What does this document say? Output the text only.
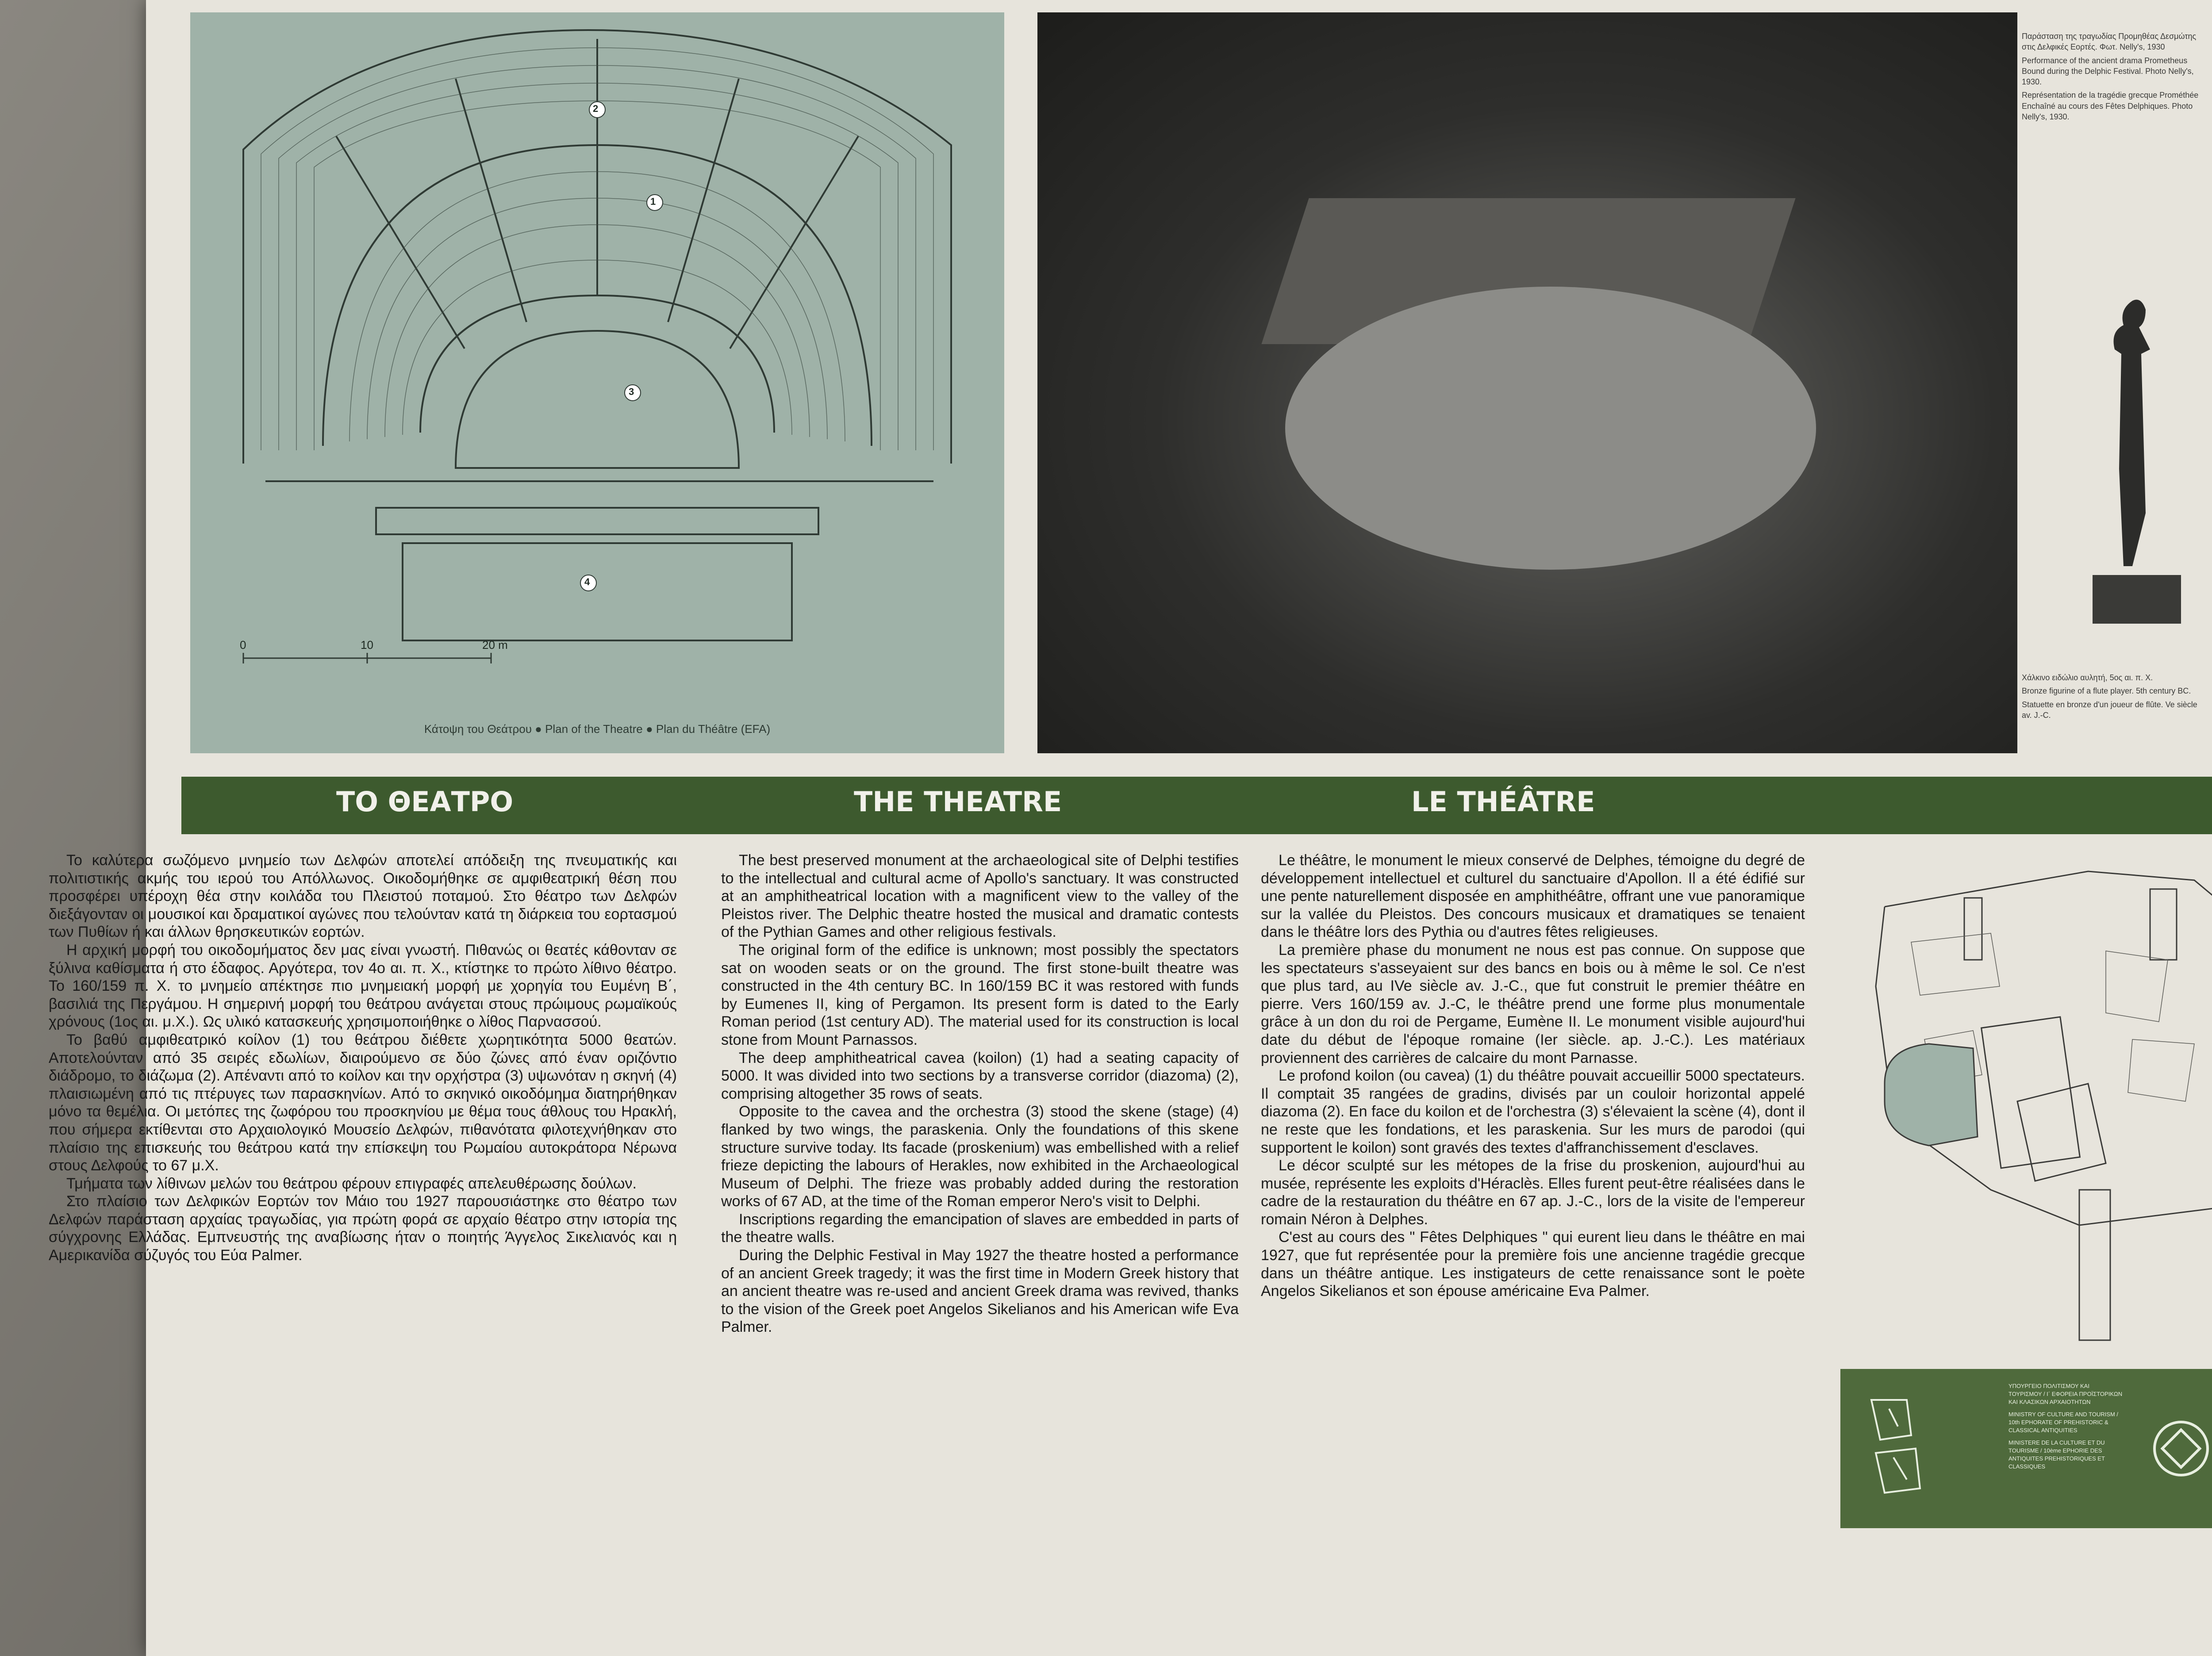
2
1
3
4
0	10	20 m
Κάτοψη του Θεάτρου ● Plan of the Theatre ● Plan du Théâtre (EFA)

Παράσταση της τραγωδίας Προμηθέας Δεσμώτης στις Δελφικές Εορτές. Φωτ. Nelly's, 1930

Performance of the ancient drama Prometheus Bound during the Delphic Festival. Photo Nelly's, 1930.

Représentation de la tragédie grecque Prométhée Enchaîné au cours des Fêtes Delphiques. Photo Nelly's, 1930.

Χάλκινο ειδώλιο αυλητή, 5ος αι. π. Χ.

Bronze figurine of a flute player. 5th century BC.

Statuette en bronze d'un joueur de flûte. Ve siècle av. J.-C.

ΤΟ ΘΕΑΤΡΟ	THE THEATRE	LE THÉÂTRE

Το καλύτερα σωζόμενο μνημείο των Δελφών αποτελεί απόδειξη της πνευματικής και πολιτιστικής ακμής του ιερού του Απόλλωνος. Οικοδομήθηκε σε αμφιθεατρική θέση που προσφέρει υπέροχη θέα στην κοιλάδα του Πλειστού ποταμού. Στο θέατρο των Δελφών διεξάγονταν οι μουσικοί και δραματικοί αγώνες που τελούνταν κατά τη διάρκεια του εορτασμού των Πυθίων ή και άλλων θρησκευτικών εορτών.

Η αρχική μορφή του οικοδομήματος δεν μας είναι γνωστή. Πιθανώς οι θεατές κάθονταν σε ξύλινα καθίσματα ή στο έδαφος. Αργότερα, τον 4ο αι. π. Χ., κτίστηκε το πρώτο λίθινο θέατρο. Το 160/159 π. Χ. το μνημείο απέκτησε πιο μνημειακή μορφή με χορηγία του Ευμένη Β΄, βασιλιά της Περγάμου. Η σημερινή μορφή του θεάτρου ανάγεται στους πρώιμους ρωμαϊκούς χρόνους (1ος αι. μ.Χ.). Ως υλικό κατασκευής χρησιμοποιήθηκε ο λίθος Παρνασσού.

Το βαθύ αμφιθεατρικό κοίλον (1) του θεάτρου διέθετε χωρητικότητα 5000 θεατών. Αποτελούνταν από 35 σειρές εδωλίων, διαιρούμενο σε δύο ζώνες από έναν οριζόντιο διάδρομο, το διάζωμα (2). Απέναντι από το κοίλον και την ορχήστρα (3) υψωνόταν η σκηνή (4) πλαισιωμένη από τις πτέρυγες των παρασκηνίων. Από το σκηνικό οικοδόμημα διατηρήθηκαν μόνο τα θεμέλια. Οι μετόπες της ζωφόρου του προσκηνίου με θέμα τους άθλους του Ηρακλή, που σήμερα εκτίθενται στο Αρχαιολογικό Μουσείο Δελφών, πιθανότατα φιλοτεχνήθηκαν στο πλαίσιο της επισκευής του θεάτρου κατά την επίσκεψη του Ρωμαίου αυτοκράτορα Νέρωνα στους Δελφούς το 67 μ.Χ.

Τμήματα των λίθινων μελών του θεάτρου φέρουν επιγραφές απελευθέρωσης δούλων.

Στο πλαίσιο των Δελφικών Εορτών τον Μάιο του 1927 παρουσιάστηκε στο θέατρο των Δελφών παράσταση αρχαίας τραγωδίας, για πρώτη φορά σε αρχαίο θέατρο στην ιστορία της σύγχρονης Ελλάδας. Εμπνευστής της αναβίωσης ήταν ο ποιητής Άγγελος Σικελιανός και η Αμερικανίδα σύζυγός του Εύα Palmer.

The best preserved monument at the archaeological site of Delphi testifies to the intellectual and cultural acme of Apollo's sanctuary. It was constructed at an amphitheatrical location with a magnificent view to the valley of the Pleistos river. The Delphic theatre hosted the musical and dramatic contests of the Pythian Games and other religious festivals.

The original form of the edifice is unknown; most possibly the spectators sat on wooden seats or on the ground. The first stone-built theatre was constructed in the 4th century BC. In 160/159 BC it was restored with funds by Eumenes II, king of Pergamon. Its present form is dated to the Early Roman period (1st century AD). The material used for its construction is local stone from Mount Parnassos.

The deep amphitheatrical cavea (koilon) (1) had a seating capacity of 5000. It was divided into two sections by a transverse corridor (diazoma) (2), comprising altogether 35 rows of seats.

Opposite to the cavea and the orchestra (3) stood the skene (stage) (4) flanked by two wings, the paraskenia. Only the foundations of this skene structure survive today. Its facade (proskenium) was embellished with a relief frieze depicting the labours of Herakles, now exhibited in the Archaeological Museum of Delphi. The frieze was probably added during the restoration works of 67 AD, at the time of the Roman emperor Nero's visit to Delphi.

Inscriptions regarding the emancipation of slaves are embedded in parts of the theatre walls.

During the Delphic Festival in May 1927 the theatre hosted a performance of an ancient Greek tragedy; it was the first time in Modern Greek history that an ancient theatre was re-used and ancient Greek drama was revived, thanks to the vision of the Greek poet Angelos Sikelianos and his American wife Eva Palmer.

Le théâtre, le monument le mieux conservé de Delphes, témoigne du degré de développement intellectuel et culturel du sanctuaire d'Apollon. Il a été édifié sur une pente naturellement disposée en amphithéâtre, offrant une vue panoramique sur la vallée du Pleistos. Des concours musicaux et dramatiques se tenaient dans le théâtre lors des Pythia ou d'autres fêtes religieuses.

La première phase du monument ne nous est pas connue. On suppose que les spectateurs s'asseyaient sur des bancs en bois ou à même le sol. Ce n'est que plus tard, au IVe siècle av. J.-C., que fut construit le premier théâtre en pierre. Vers 160/159 av. J.-C, le théâtre prend une forme plus monumentale grâce à un don du roi de Pergame, Eumène II. Le monument visible aujourd'hui date du début de l'époque romaine (Ier siècle. ap. J.-C.). Les matériaux proviennent des carrières de calcaire du mont Parnasse.

Le profond koilon (ou cavea) (1) du théâtre pouvait accueillir 5000 spectateurs. Il comptait 35 rangées de gradins, divisés par un couloir horizontal appelé diazoma (2). En face du koilon et de l'orchestra (3) s'élevaient la scène (4), dont il ne reste que les fondations, et les paraskenia. Sur les murs de parodoi (qui supportent le koilon) sont gravés des textes d'affranchissement d'esclaves.

Le décor sculpté sur les métopes de la frise du proskenion, aujourd'hui au musée, représente les exploits d'Héraclès. Elles furent peut-être réalisées dans le cadre de la restauration du théâtre en 67 ap. J.-C., lors de la visite de l'empereur romain Néron à Delphes.

C'est au cours des " Fêtes Delphiques " qui eurent lieu dans le théâtre en mai 1927, que fut représentée pour la première fois une ancienne tragédie grecque dans un théâtre antique. Les instigateurs de cette renaissance sont le poète Angelos Sikelianos et son épouse américaine Eva Palmer.

ΥΠΟΥΡΓΕΙΟ ΠΟΛΙΤΙΣΜΟΥ ΚΑΙ ΤΟΥΡΙΣΜΟΥ / Ι΄ ΕΦΟΡΕΙΑ ΠΡΟΪΣΤΟΡΙΚΩΝ ΚΑΙ ΚΛΑΣΙΚΩΝ ΑΡΧΑΙΟΤΗΤΩΝ
MINISTRY OF CULTURE AND TOURISM / 10th EPHORATE OF PREHISTORIC & CLASSICAL ANTIQUITIES
MINISTERE DE LA CULTURE ET DU TOURISME / 10ème EPHORIE DES ANTIQUITES PREHISTORIQUES ET CLASSIQUES
